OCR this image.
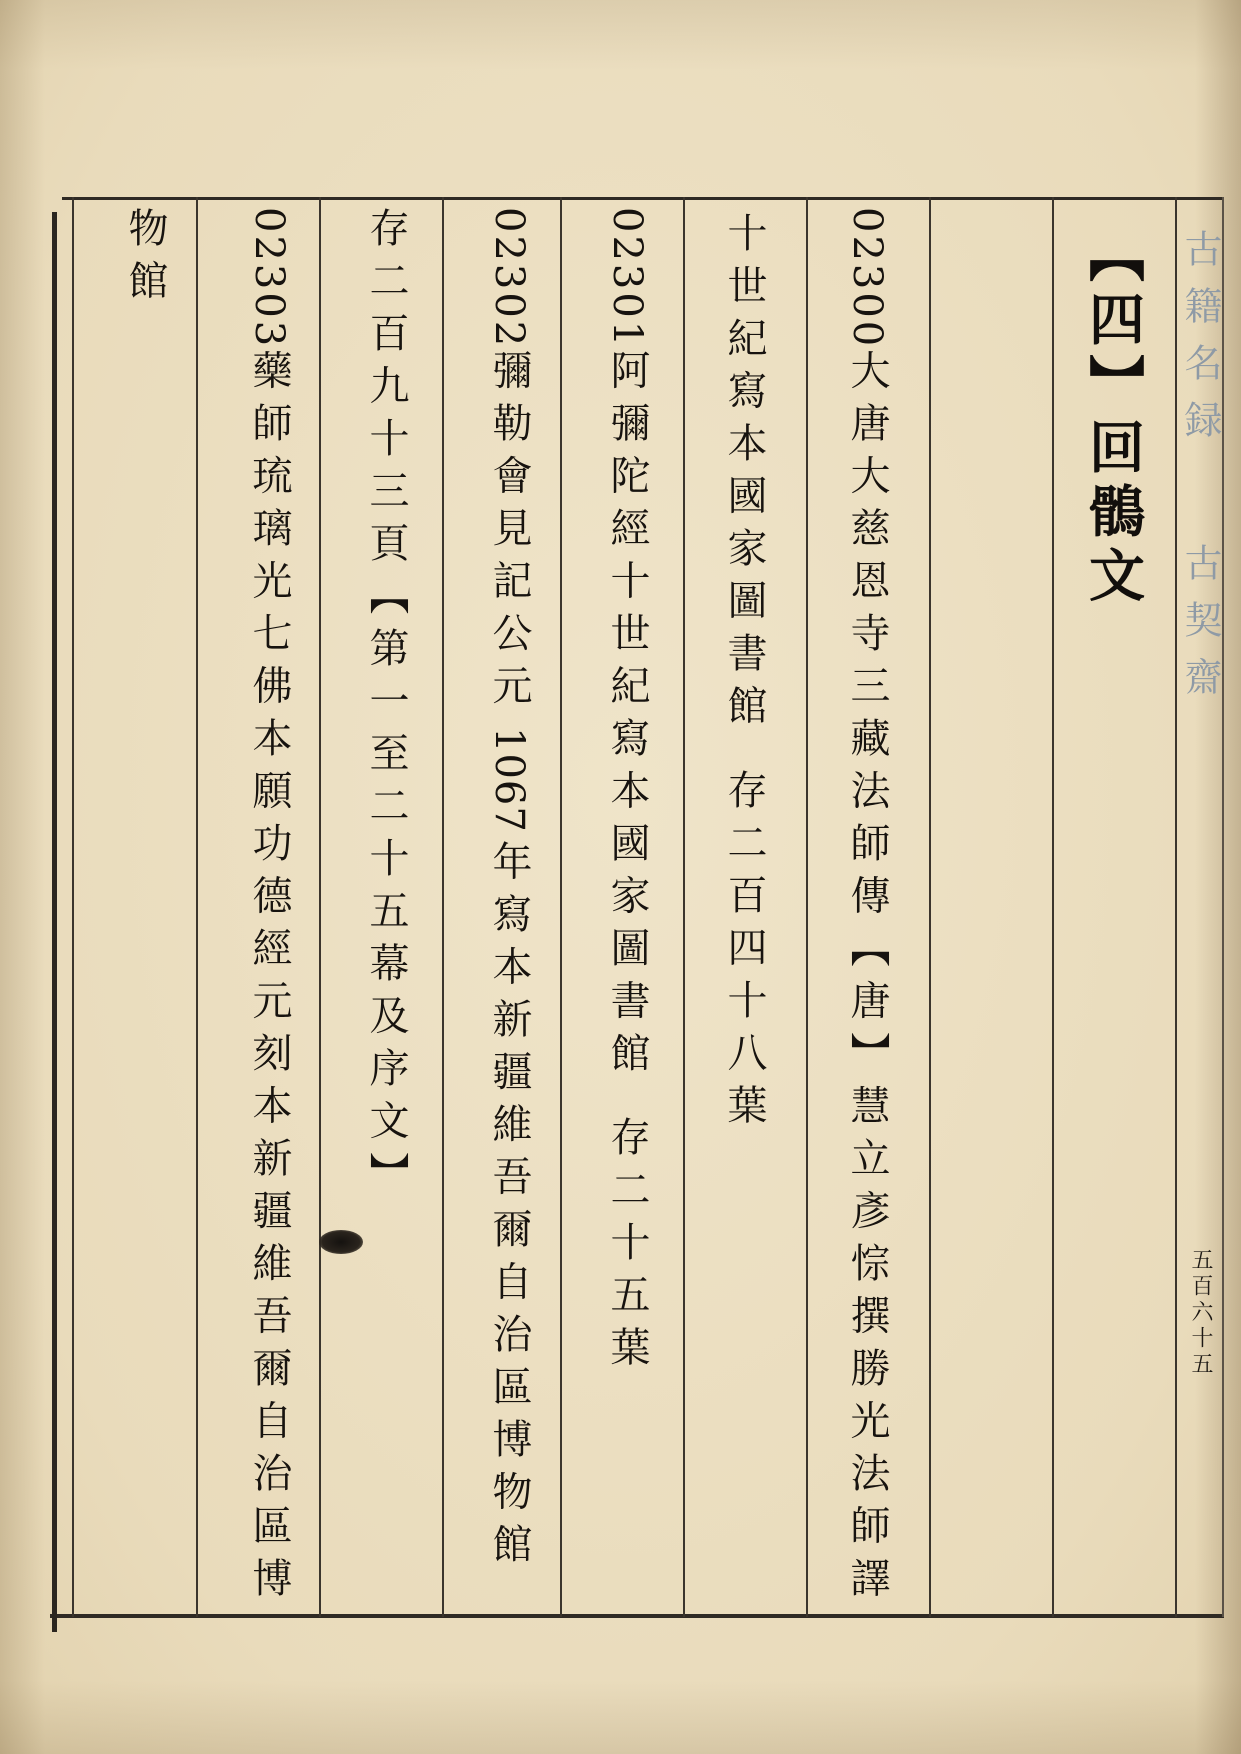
古籍名録
古契齋
五百六十五
【四】回鶻文
02300大唐大慈恩寺三藏法師傳【唐】慧立彥悰撰勝光法師譯
十世紀寫本國家圖書館存二百四十八葉
02301阿彌陀經十世紀寫本國家圖書館存二十五葉
02302彌勒會見記公元1067年寫本新疆維吾爾自治區博物館
存二百九十三頁【第一至二十五幕及序文】
02303藥師琉璃光七佛本願功德經元刻本新疆維吾爾自治區博
物館
